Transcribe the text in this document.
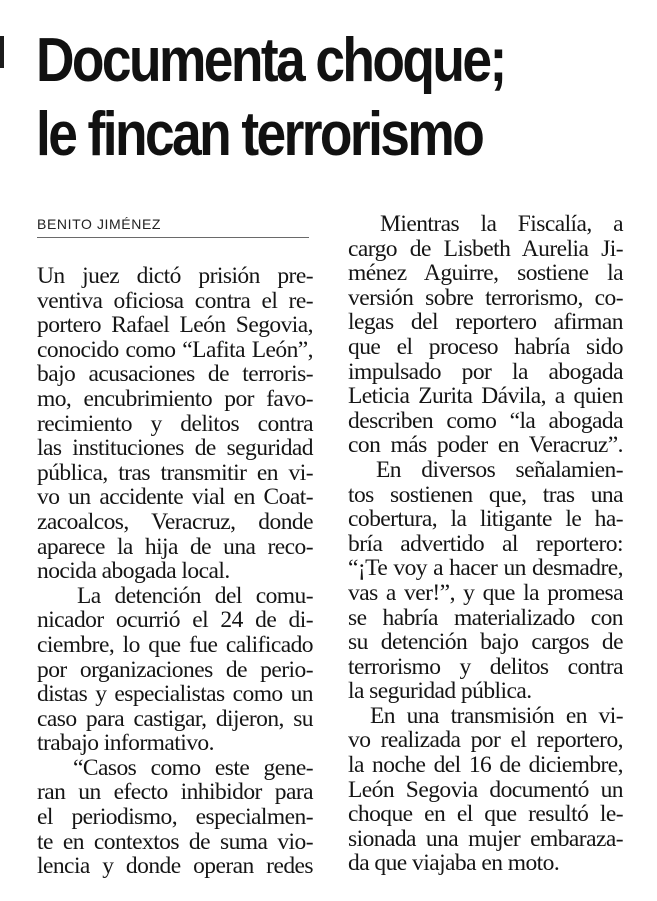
Documenta choque;
le fincan terrorismo
BENITO JIMÉNEZ

Un juez dictó prisión pre-
ventiva oficiosa contra el re-
portero Rafael León Segovia,
conocido como “Lafita León”,
bajo acusaciones de terroris-
mo, encubrimiento por favo-
recimiento y delitos contra
las instituciones de seguridad
pública, tras transmitir en vi-
vo un accidente vial en Coat-
zacoalcos, Veracruz, donde
aparece la hija de una reco-
nocida abogada local.

La detención del comu-
nicador ocurrió el 24 de di-
ciembre, lo que fue calificado
por organizaciones de perio-
distas y especialistas como un
caso para castigar, dijeron, su
trabajo informativo.

“Casos como este gene-
ran un efecto inhibidor para
el periodismo, especialmen-
te en contextos de suma vio-
lencia y donde operan redes

Mientras la Fiscalía, a
cargo de Lisbeth Aurelia Ji-
ménez Aguirre, sostiene la
versión sobre terrorismo, co-
legas del reportero afirman
que el proceso habría sido
impulsado por la abogada
Leticia Zurita Dávila, a quien
describen como “la abogada
con más poder en Veracruz”.

En diversos señalamien-
tos sostienen que, tras una
cobertura, la litigante le ha-
bría advertido al reportero:
“¡Te voy a hacer un desmadre,
vas a ver!”, y que la promesa
se habría materializado con
su detención bajo cargos de
terrorismo y delitos contra
la seguridad pública.

En una transmisión en vi-
vo realizada por el reportero,
la noche del 16 de diciembre,
León Segovia documentó un
choque en el que resultó le-
sionada una mujer embaraza-
da que viajaba en moto.
